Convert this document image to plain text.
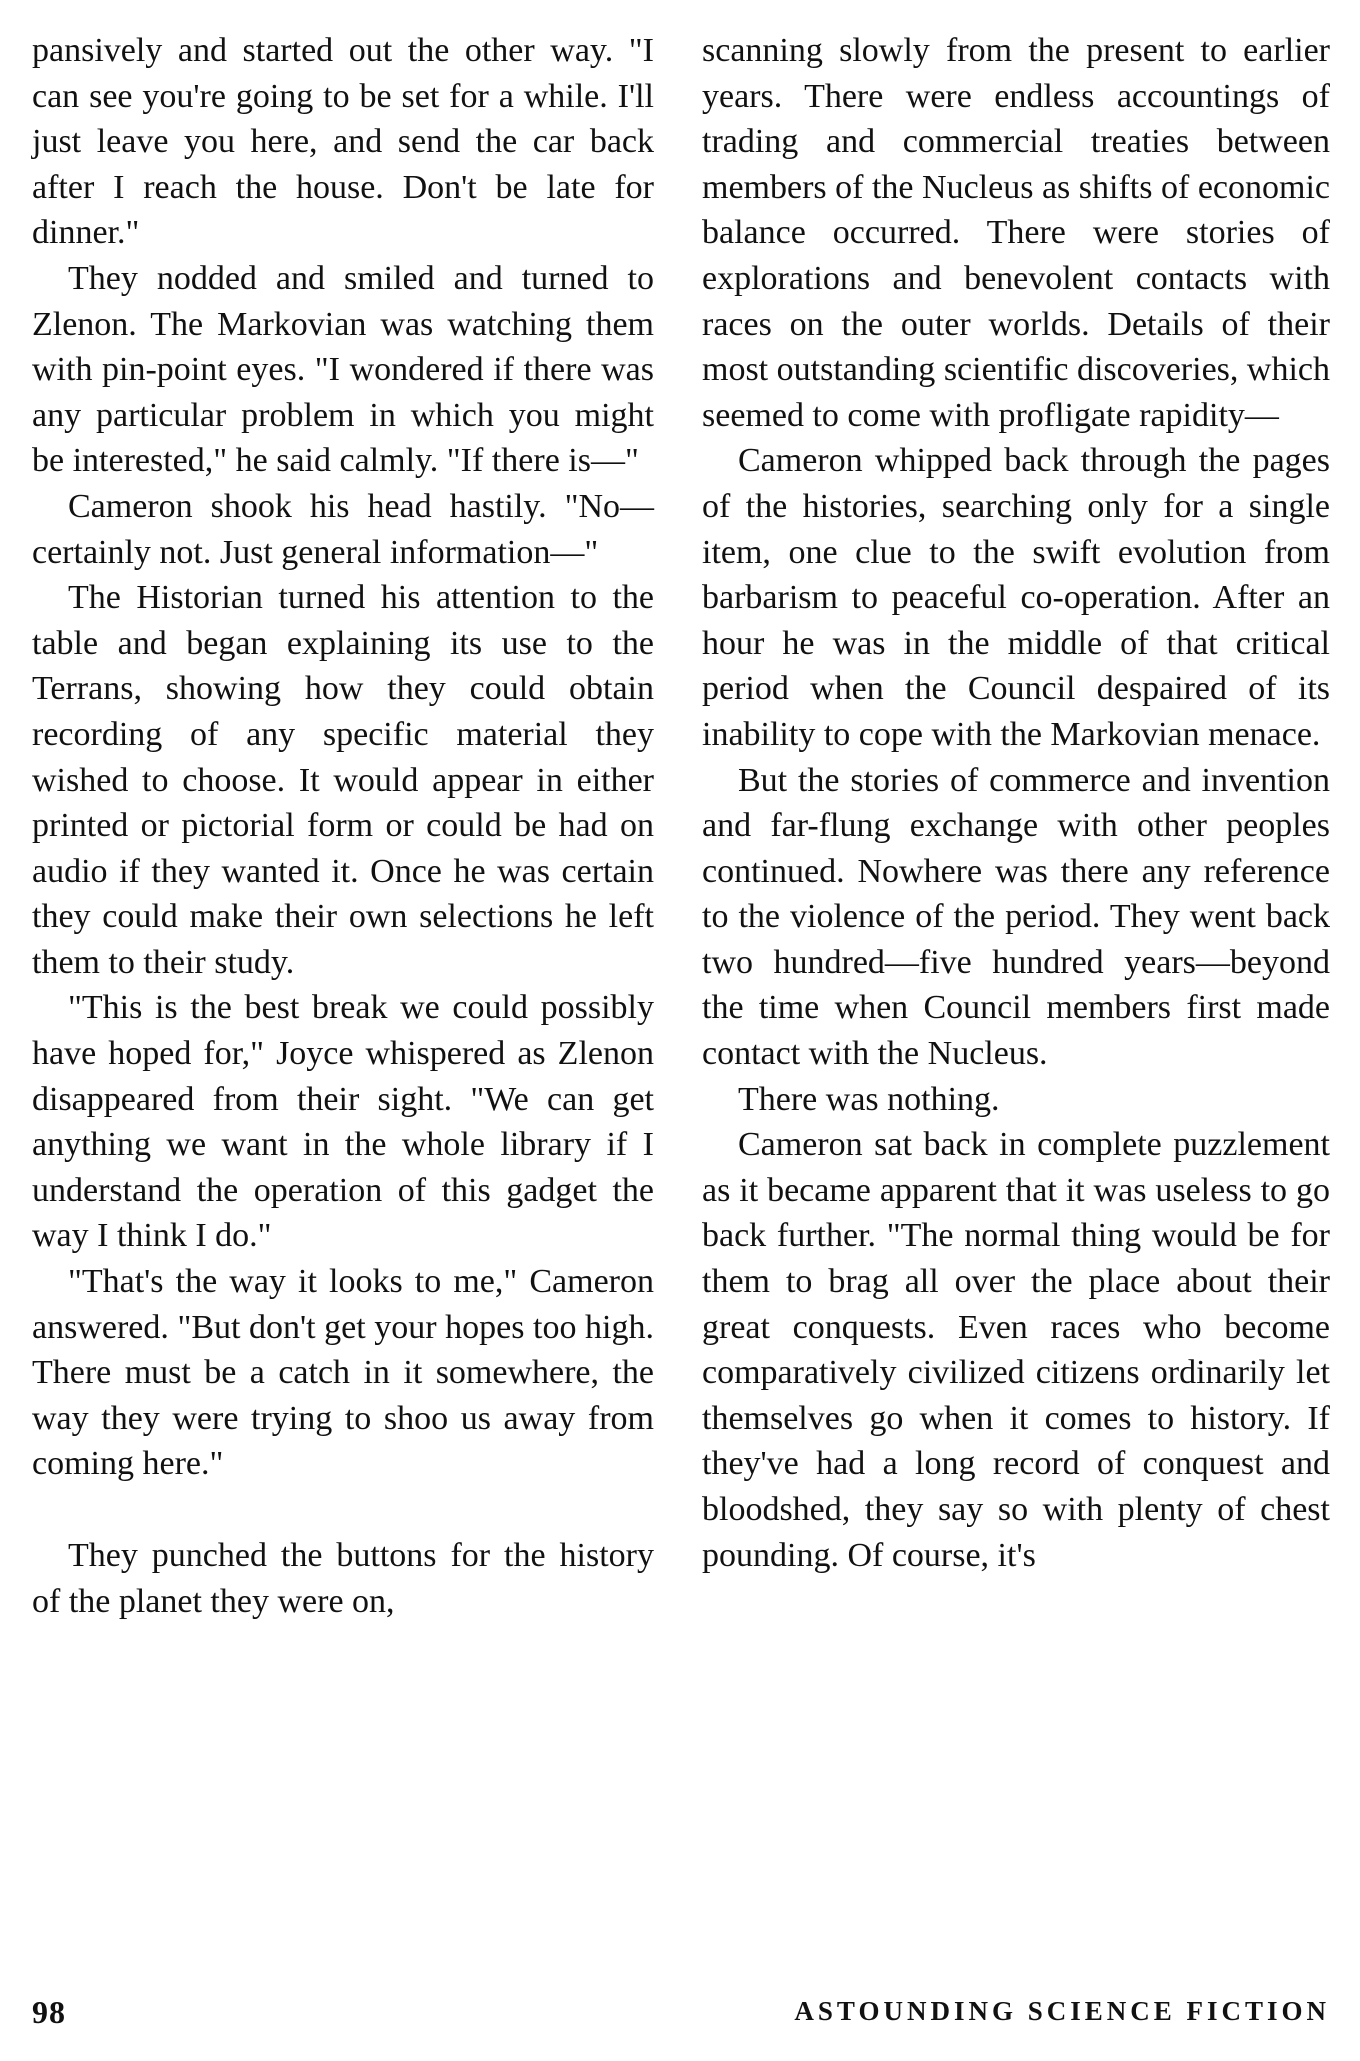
pansively and started out the other way. "I can see you're going to be set for a while. I'll just leave you here, and send the car back after I reach the house. Don't be late for dinner."

They nodded and smiled and turned to Zlenon. The Markovian was watching them with pin-point eyes. "I wondered if there was any particular problem in which you might be interested," he said calmly. "If there is—"

Cameron shook his head hastily. "No—certainly not. Just general information—"

The Historian turned his attention to the table and began explaining its use to the Terrans, showing how they could obtain recording of any specific material they wished to choose. It would appear in either printed or pictorial form or could be had on audio if they wanted it. Once he was certain they could make their own selections he left them to their study.

"This is the best break we could possibly have hoped for," Joyce whispered as Zlenon disappeared from their sight. "We can get anything we want in the whole library if I understand the operation of this gadget the way I think I do."

"That's the way it looks to me," Cameron answered. "But don't get your hopes too high. There must be a catch in it somewhere, the way they were trying to shoo us away from coming here."

They punched the buttons for the history of the planet they were on,

scanning slowly from the present to earlier years. There were endless accountings of trading and commercial treaties between members of the Nucleus as shifts of economic balance occurred. There were stories of explorations and benevolent contacts with races on the outer worlds. Details of their most outstanding scientific discoveries, which seemed to come with profligate rapidity—

Cameron whipped back through the pages of the histories, searching only for a single item, one clue to the swift evolution from barbarism to peaceful co-operation. After an hour he was in the middle of that critical period when the Council despaired of its inability to cope with the Markovian menace.

But the stories of commerce and invention and far-flung exchange with other peoples continued. Nowhere was there any reference to the violence of the period. They went back two hundred—five hundred years—beyond the time when Council members first made contact with the Nucleus.

There was nothing.

Cameron sat back in complete puzzlement as it became apparent that it was useless to go back further. "The normal thing would be for them to brag all over the place about their great conquests. Even races who become comparatively civilized citizens ordinarily let themselves go when it comes to history. If they've had a long record of conquest and bloodshed, they say so with plenty of chest pounding. Of course, it's

98	ASTOUNDING SCIENCE FICTION
